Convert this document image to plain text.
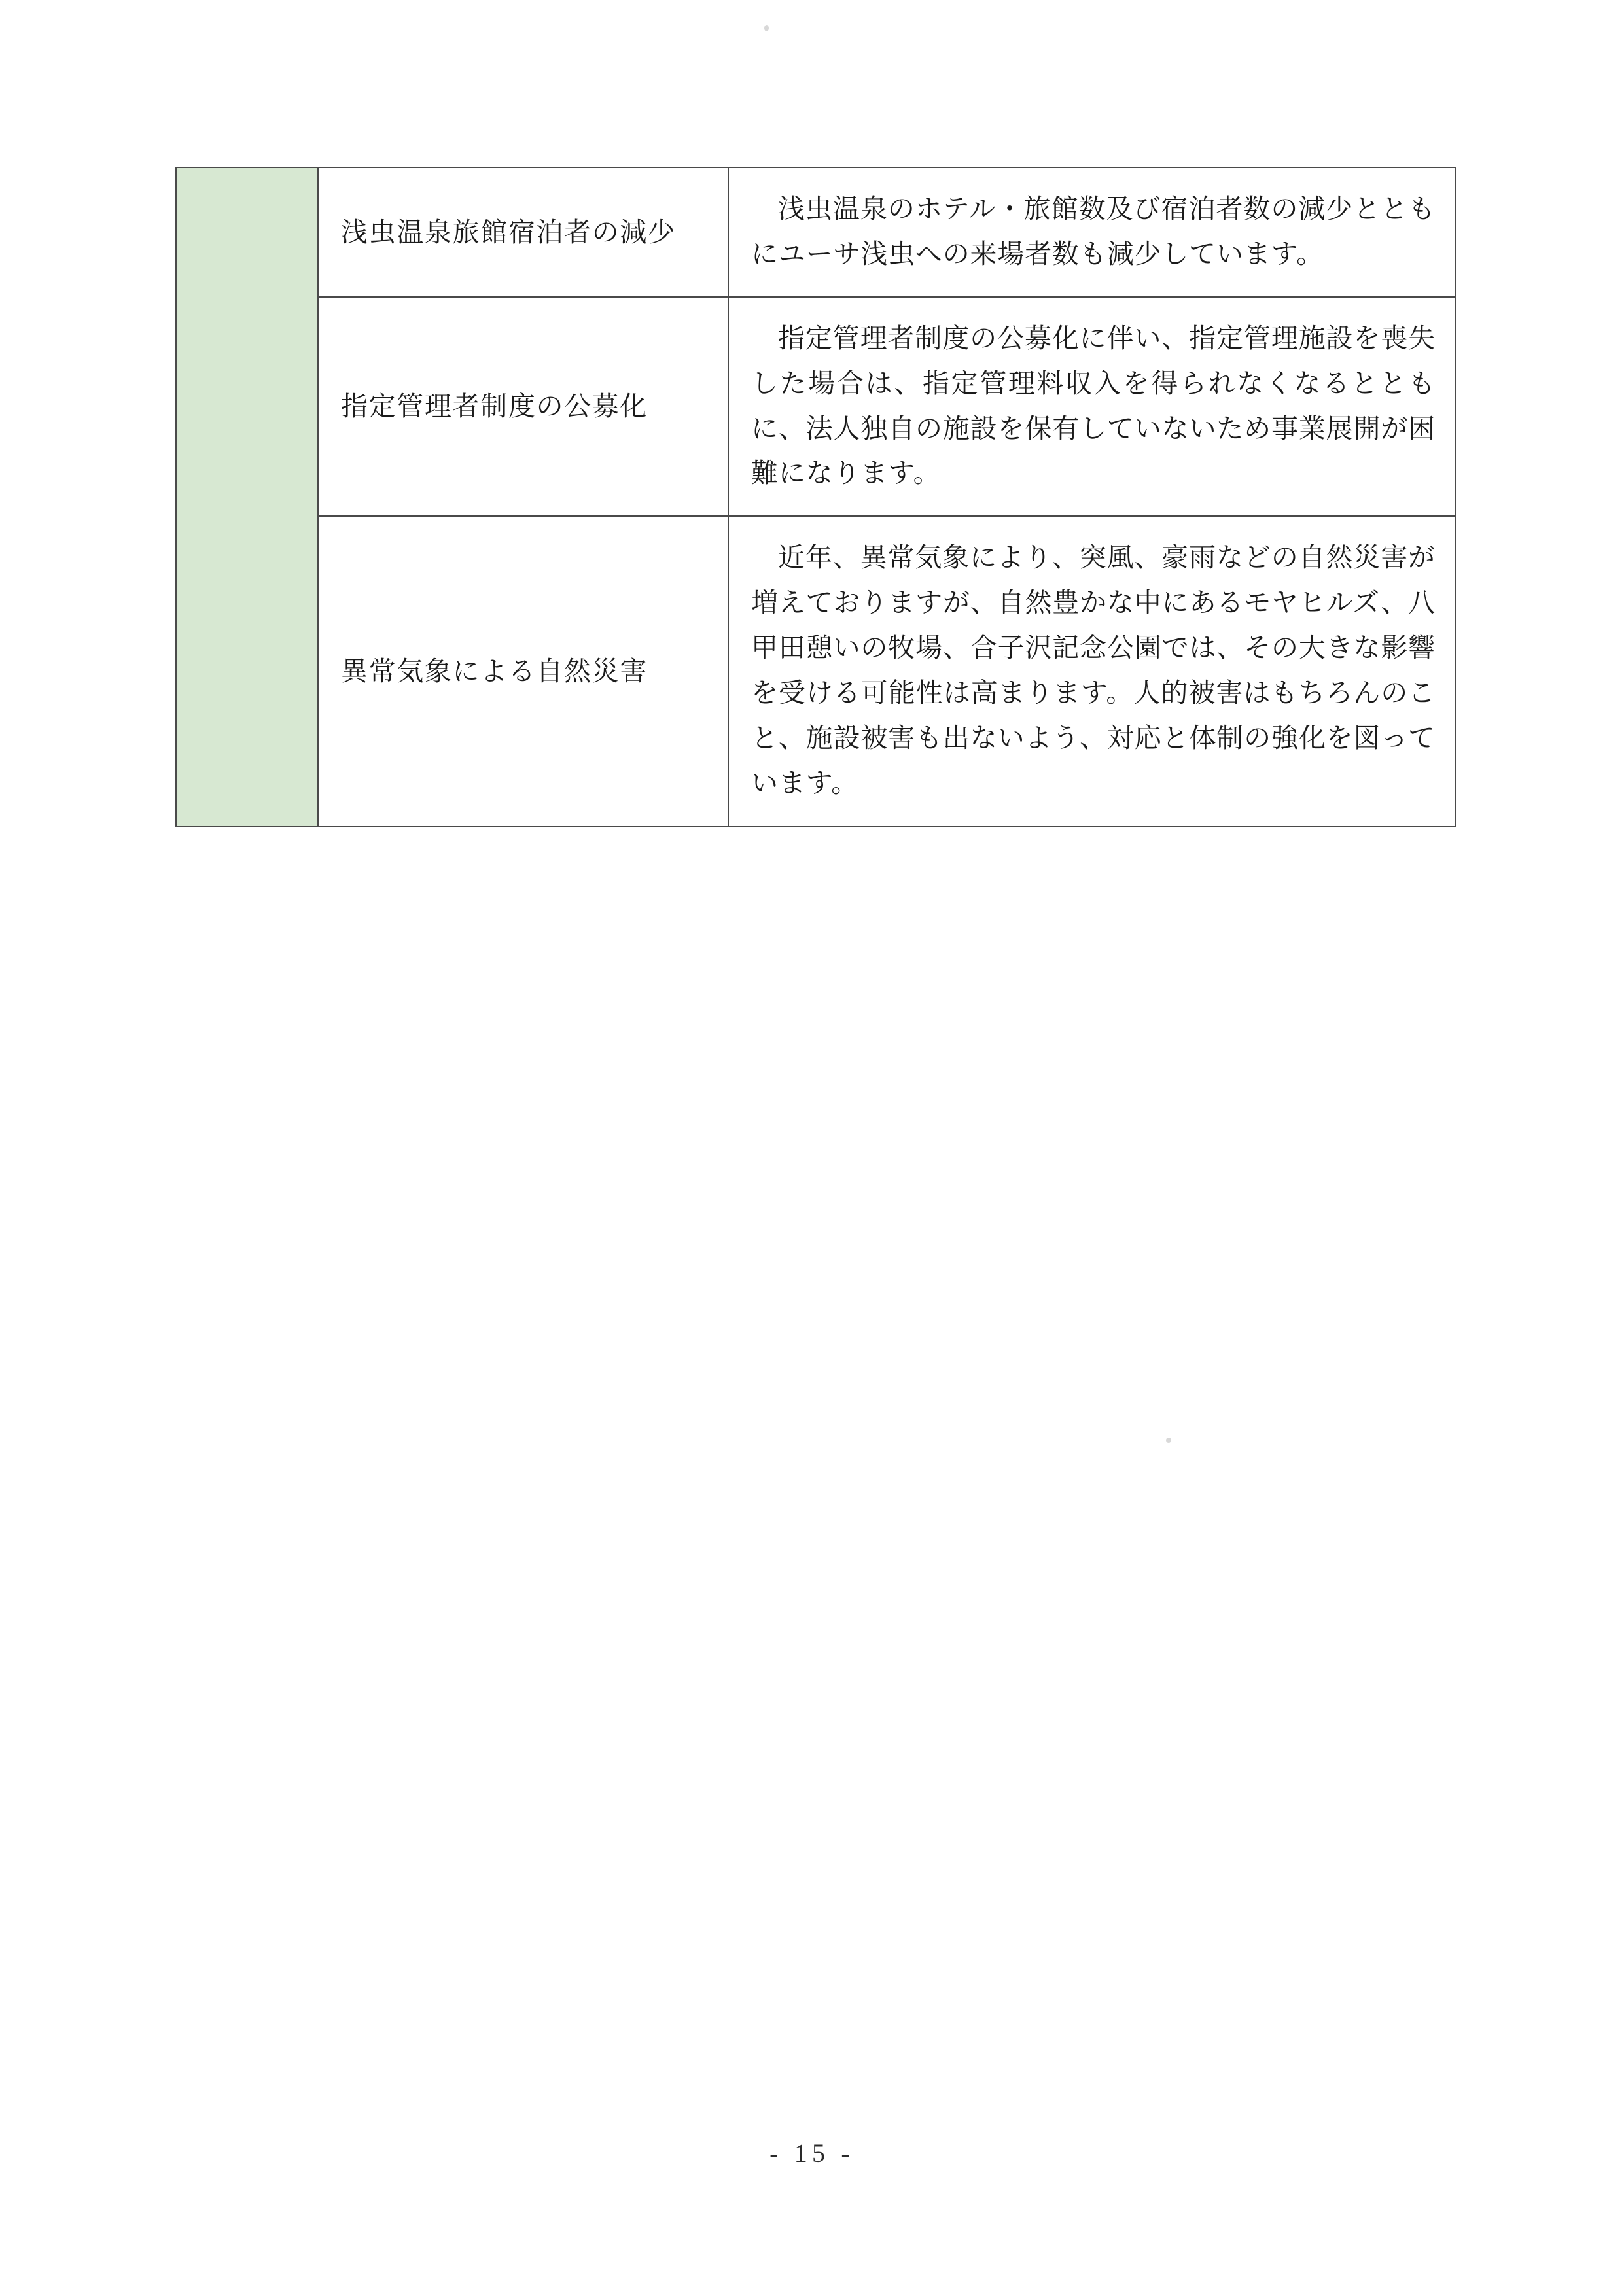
	浅虫温泉旅館宿泊者の減少	浅虫温泉のホテル・旅館数及び宿泊者数の減少とともにユーサ浅虫への来場者数も減少しています。

	指定管理者制度の公募化	指定管理者制度の公募化に伴い、指定管理施設を喪失した場合は、指定管理料収入を得られなくなるとともに、法人独自の施設を保有していないため事業展開が困難になります。

	異常気象による自然災害	近年、異常気象により、突風、豪雨などの自然災害が増えておりますが、自然豊かな中にあるモヤヒルズ、八甲田憩いの牧場、合子沢記念公園では、その大きな影響を受ける可能性は高まります。人的被害はもちろんのこと、施設被害も出ないよう、対応と体制の強化を図っています。

- 15 -
